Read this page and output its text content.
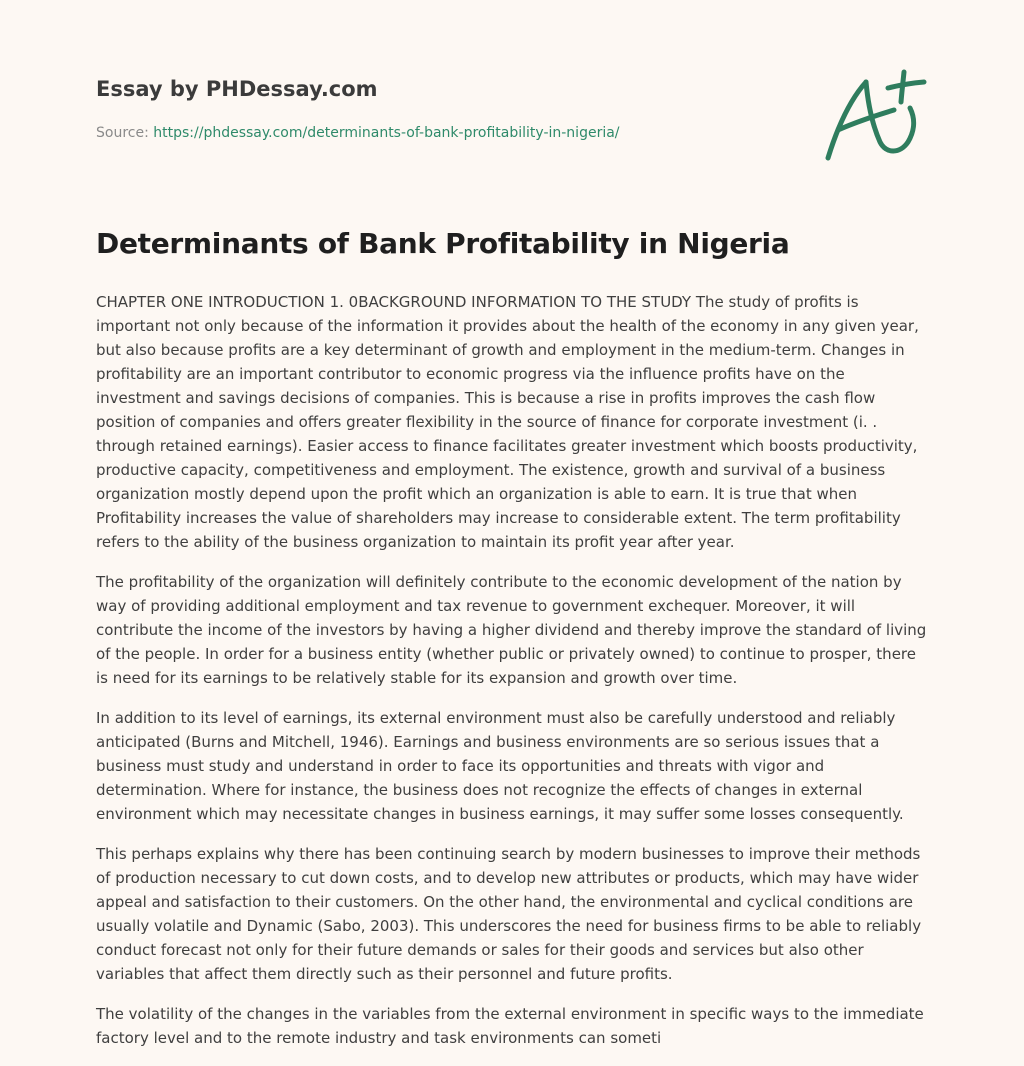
Essay by PHDessay.com
Source: https://phdessay.com/determinants-of-bank-profitability-in-nigeria/
Determinants of Bank Profitability in Nigeria

CHAPTER ONE INTRODUCTION 1. 0BACKGROUND INFORMATION TO THE STUDY The study of profits is important not only because of the information it provides about the health of the economy in any given year, but also because profits are a key determinant of growth and employment in the medium-term. Changes in profitability are an important contributor to economic progress via the influence profits have on the investment and savings decisions of companies. This is because a rise in profits improves the cash flow position of companies and offers greater flexibility in the source of finance for corporate investment (i. . through retained earnings). Easier access to finance facilitates greater investment which boosts productivity, productive capacity, competitiveness and employment. The existence, growth and survival of a business organization mostly depend upon the profit which an organization is able to earn. It is true that when Profitability increases the value of shareholders may increase to considerable extent. The term profitability refers to the ability of the business organization to maintain its profit year after year.

The profitability of the organization will definitely contribute to the economic development of the nation by way of providing additional employment and tax revenue to government exchequer. Moreover, it will contribute the income of the investors by having a higher dividend and thereby improve the standard of living of the people. In order for a business entity (whether public or privately owned) to continue to prosper, there is need for its earnings to be relatively stable for its expansion and growth over time.

In addition to its level of earnings, its external environment must also be carefully understood and reliably anticipated (Burns and Mitchell, 1946). Earnings and business environments are so serious issues that a business must study and understand in order to face its opportunities and threats with vigor and determination. Where for instance, the business does not recognize the effects of changes in external environment which may necessitate changes in business earnings, it may suffer some losses consequently.

This perhaps explains why there has been continuing search by modern businesses to improve their methods of production necessary to cut down costs, and to develop new attributes or products, which may have wider appeal and satisfaction to their customers. On the other hand, the environmental and cyclical conditions are usually volatile and Dynamic (Sabo, 2003). This underscores the need for business firms to be able to reliably conduct forecast not only for their future demands or sales for their goods and services but also other variables that affect them directly such as their personnel and future profits.

The volatility of the changes in the variables from the external environment in specific ways to the immediate factory level and to the remote industry and task environments can someti
